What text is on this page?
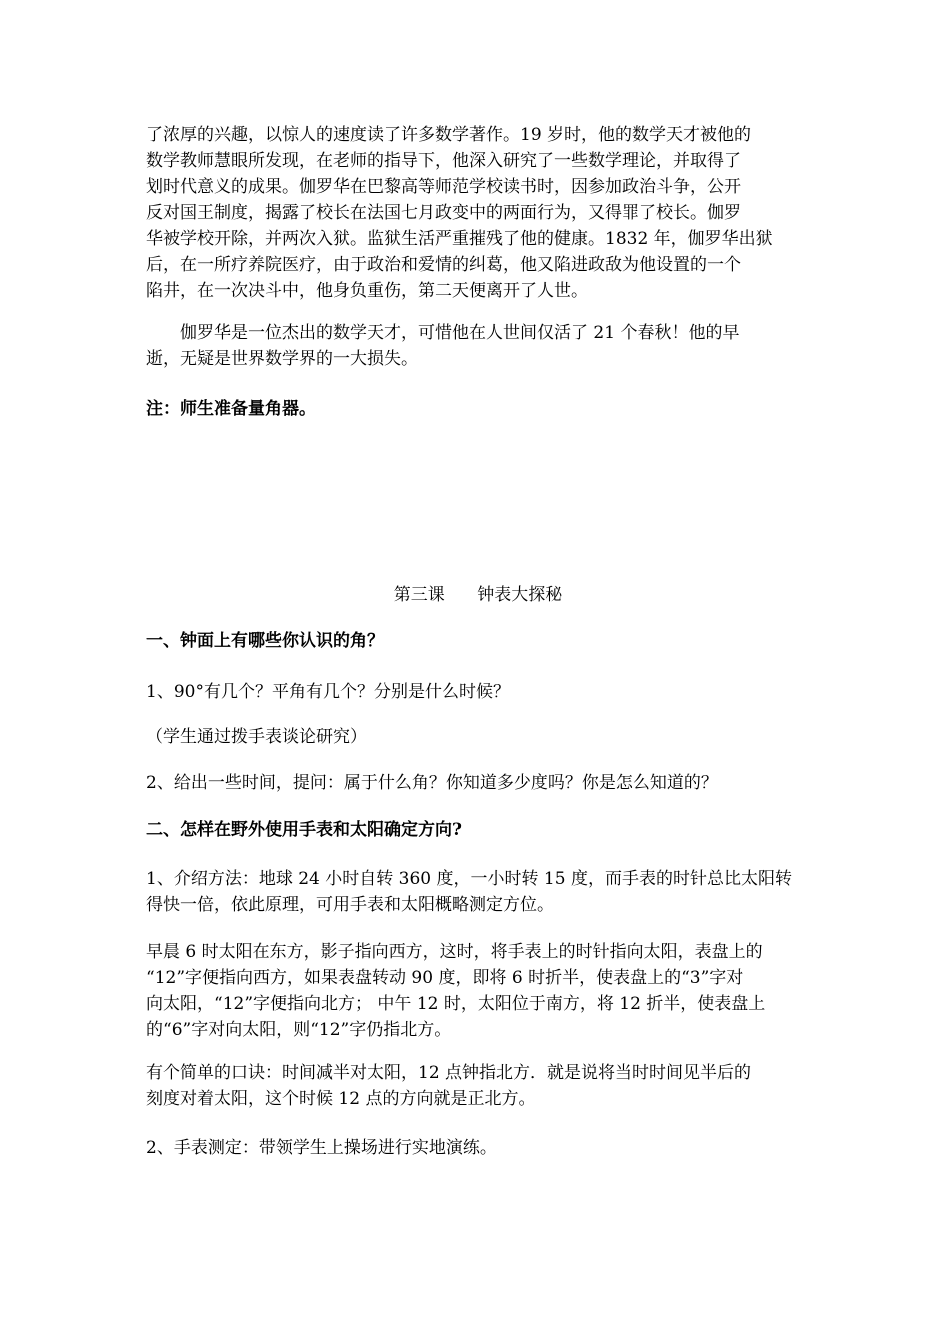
了浓厚的兴趣，以惊人的速度读了许多数学著作。19 岁时，他的数学天才被他的
数学教师慧眼所发现，在老师的指导下，他深入研究了一些数学理论，并取得了
划时代意义的成果。伽罗华在巴黎高等师范学校读书时，因参加政治斗争，公开
反对国王制度，揭露了校长在法国七月政变中的两面行为，又得罪了校长。伽罗
华被学校开除，并两次入狱。监狱生活严重摧残了他的健康。1832 年，伽罗华出狱
后，在一所疗养院医疗，由于政治和爱情的纠葛，他又陷进政敌为他设置的一个
陷井，在一次决斗中，他身负重伤，第二天便离开了人世。
伽罗华是一位杰出的数学天才，可惜他在人世间仅活了 21 个春秋！他的早
逝，无疑是世界数学界的一大损失。
注：师生准备量角器。
第三课      钟表大探秘
一、钟面上有哪些你认识的角？
1、90°有几个？平角有几个？分别是什么时候？
（学生通过拨手表谈论研究）
2、给出一些时间，提问：属于什么角？你知道多少度吗？你是怎么知道的？
二、怎样在野外使用手表和太阳确定方向?
1、介绍方法：地球 24 小时自转 360 度，一小时转 15 度，而手表的时针总比太阳转
得快一倍，依此原理，可用手表和太阳概略测定方位。
早晨 6 时太阳在东方，影子指向西方，这时，将手表上的时针指向太阳，表盘上的
“12”字便指向西方，如果表盘转动 90 度，即将 6 时折半，使表盘上的“3”字对
向太阳，“12”字便指向北方； 中午 12 时，太阳位于南方，将 12 折半，使表盘上
的“6”字对向太阳，则“12”字仍指北方。
有个简单的口诀：时间减半对太阳，12 点钟指北方．就是说将当时时间见半后的
刻度对着太阳，这个时候 12 点的方向就是正北方。
2、手表测定：带领学生上操场进行实地演练。
